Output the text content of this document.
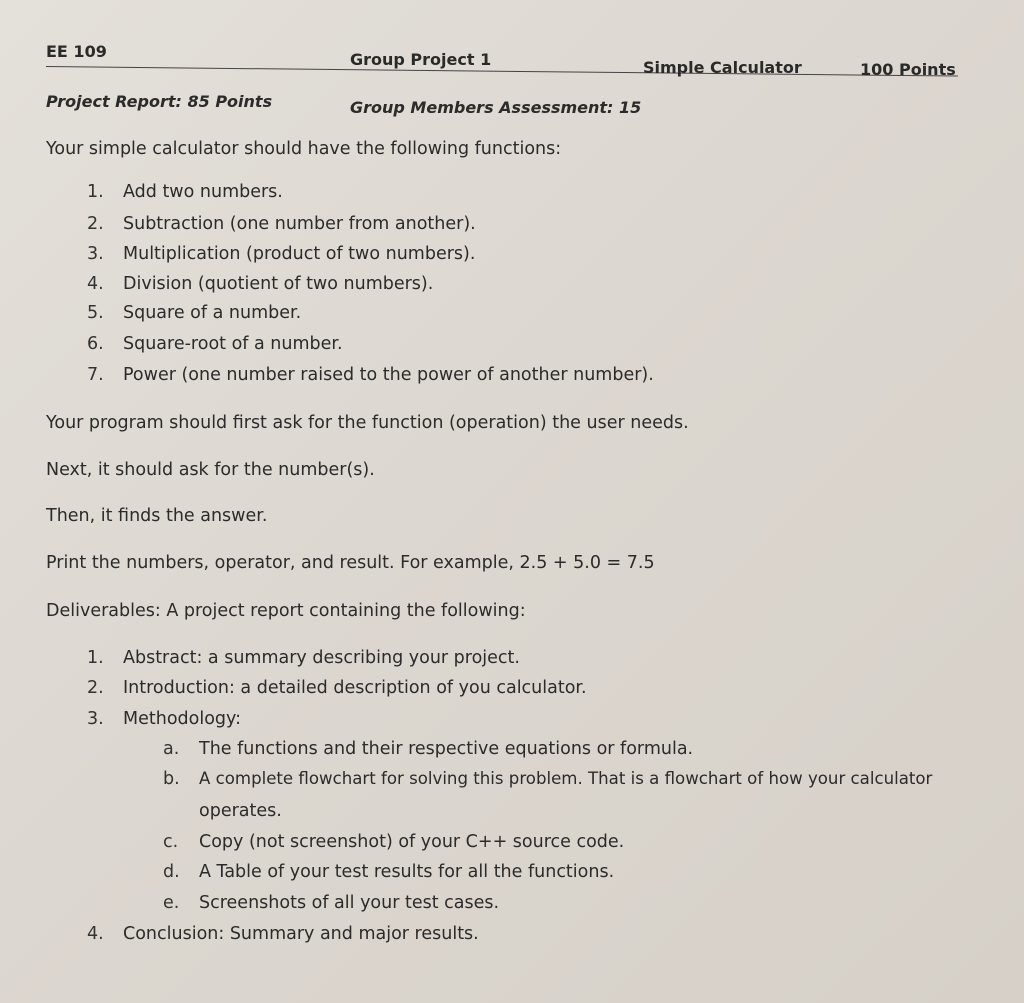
EE 109	Group Project 1	Simple Calculator	100 Points
Project Report: 85 Points	Group Members Assessment: 15
Your simple calculator should have the following functions:
1.	Add two numbers.
2.	Subtraction (one number from another).
3.	Multiplication (product of two numbers).
4.	Division (quotient of two numbers).
5.	Square of a number.
6.	Square-root of a number.
7.	Power (one number raised to the power of another number).
Your program should first ask for the function (operation) the user needs.
Next, it should ask for the number(s).
Then, it finds the answer.
Print the numbers, operator, and result. For example, 2.5 + 5.0 = 7.5
Deliverables: A project report containing the following:
1.	Abstract: a summary describing your project.
2.	Introduction: a detailed description of you calculator.
3.	Methodology:
a.	The functions and their respective equations or formula.
b.	A complete flowchart for solving this problem. That is a flowchart of how your calculator
operates.
c.	Copy (not screenshot) of your C++ source code.
d.	A Table of your test results for all the functions.
e.	Screenshots of all your test cases.
4.	Conclusion: Summary and major results.
